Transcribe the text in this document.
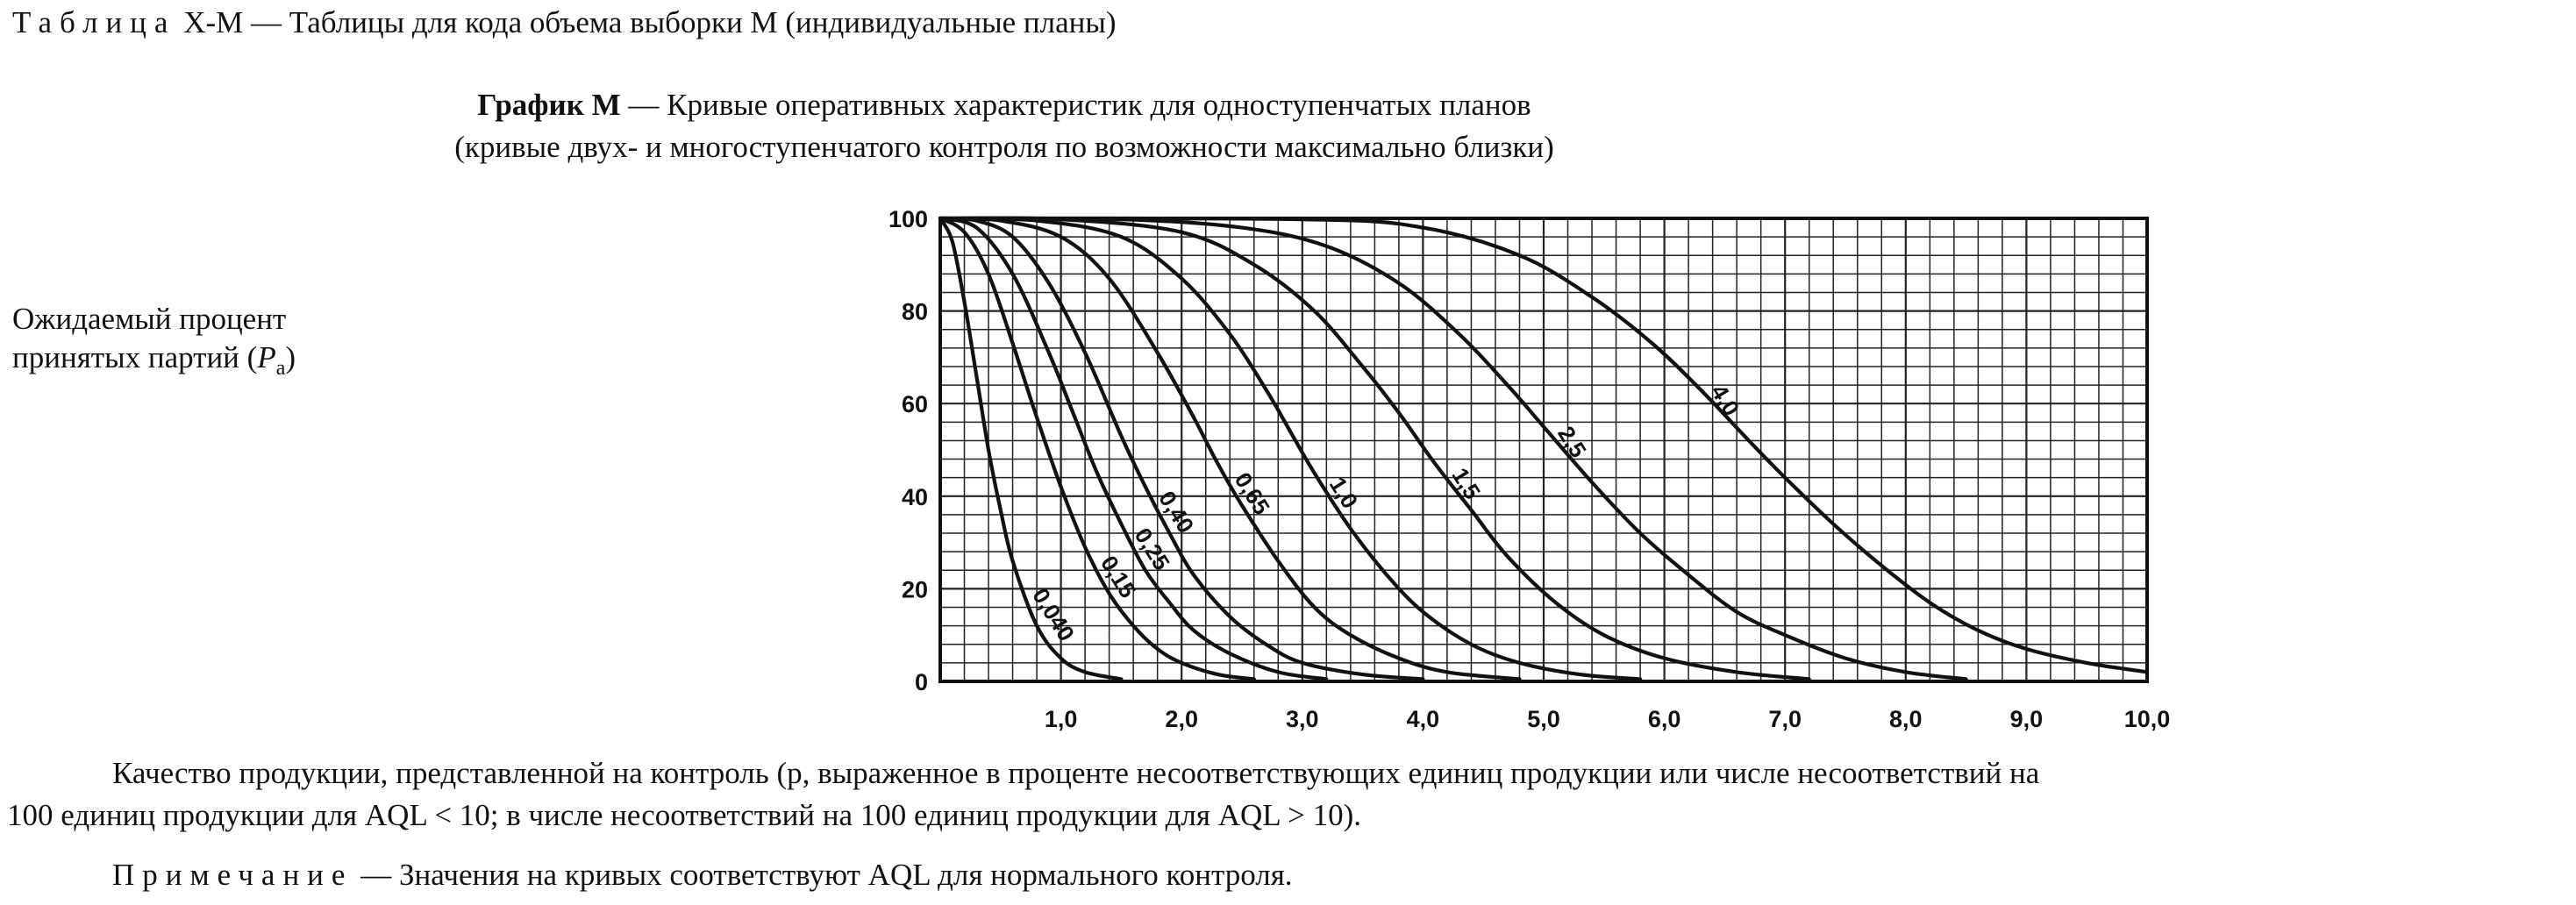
Таблица Х-М — Таблицы для кода объема выборки М (индивидуальные планы)
График М — Кривые оперативных характеристик для одноступенчатых планов
(кривые двух- и многоступенчатого контроля по возможности максимально близки)
Ожидаемый процент
принятых партий $(P_a)$
0
20
40
60
80
100
1,0	2,0	3,0	4,0	5,0	6,0	7,0	8,0	9,0	10,0
0,040
0,15
0,25
0,40 0,65 1,0	1,5
2,5
4,0
Качество продукции, представленной на контроль (p, выраженное в проценте несоответствующих единиц продукции или числе несоответствий на
100 единиц продукции для AQL < 10; в числе несоответствий на 100 единиц продукции для AQL > 10).
Примечание — Значения на кривых соответствуют AQL для нормального контроля.
